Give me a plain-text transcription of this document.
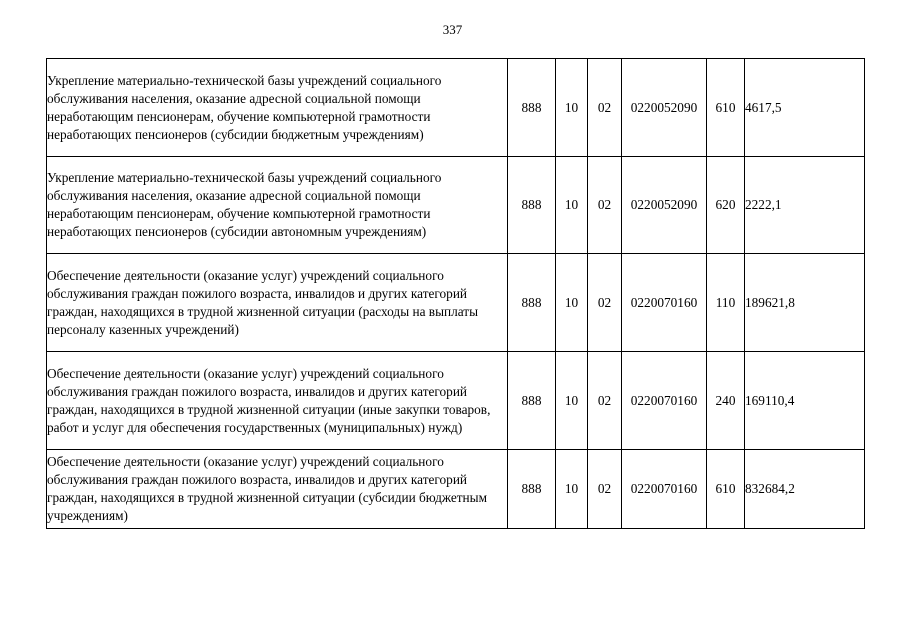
337
Укрепление материально-технической базы учреждений социального обслуживания населения, оказание адресной социальной помощи неработающим пенсионерам, обучение компьютерной грамотности неработающих пенсионеров (субсидии бюджетным учреждениям)	888	10	02	0220052090	610	4617,5
Укрепление материально-технической базы учреждений социального обслуживания населения, оказание адресной социальной помощи неработающим пенсионерам, обучение компьютерной грамотности неработающих пенсионеров (субсидии автономным учреждениям)	888	10	02	0220052090	620	2222,1
Обеспечение деятельности (оказание услуг) учреждений социального обслуживания граждан пожилого возраста, инвалидов и других категорий граждан, находящихся в трудной жизненной ситуации (расходы на выплаты персоналу казенных учреждений)	888	10	02	0220070160	110	189621,8
Обеспечение деятельности (оказание услуг) учреждений социального обслуживания граждан пожилого возраста, инвалидов и других категорий граждан, находящихся в трудной жизненной ситуации (иные закупки товаров, работ и услуг для обеспечения государственных (муниципальных) нужд)	888	10	02	0220070160	240	169110,4
Обеспечение деятельности (оказание услуг) учреждений социального обслуживания граждан пожилого возраста, инвалидов и других категорий граждан, находящихся в трудной жизненной ситуации (субсидии бюджетным учреждениям)	888	10	02	0220070160	610	832684,2
